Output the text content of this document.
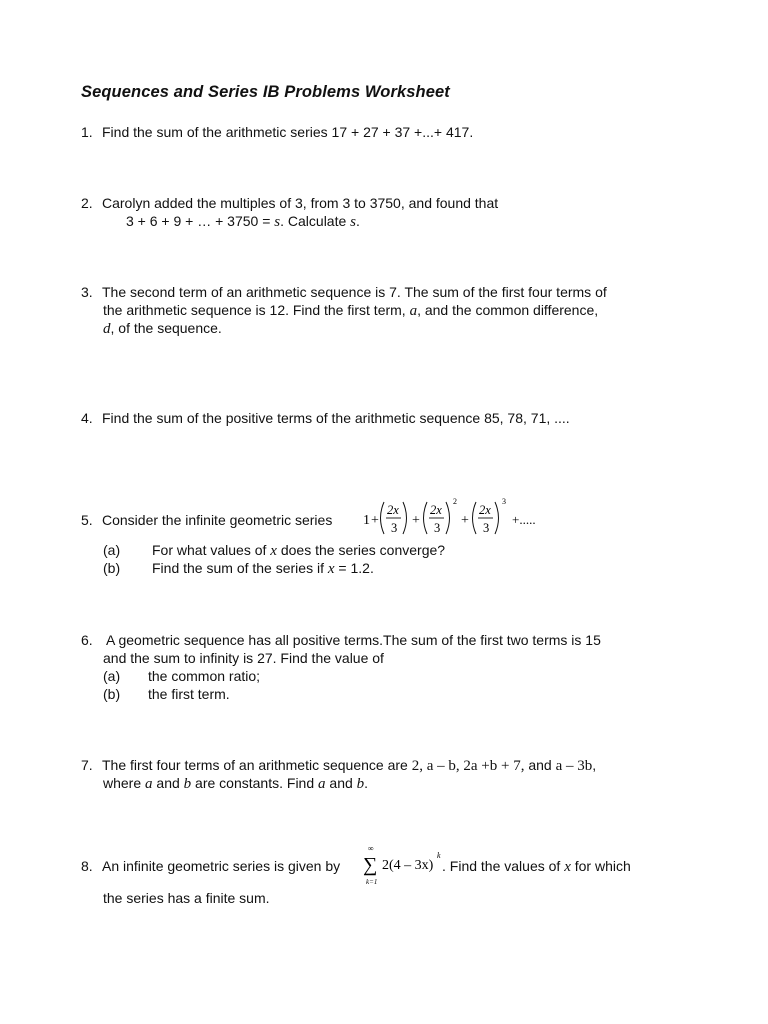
Sequences and Series IB Problems Worksheet
1. Find the sum of the arithmetic series 17 + 27 + 37 +...+ 417.
2. Carolyn added the multiples of 3, from 3 to 3750, and found that
3 + 6 + 9 + … + 3750 = s. Calculate s.
3. The second term of an arithmetic sequence is 7. The sum of the first four terms of
the arithmetic sequence is 12. Find the first term, a, and the common difference,
d, of the sequence.
4. Find the sum of the positive terms of the arithmetic sequence 85, 78, 71, ....
5. Consider the infinite geometric series 1 +
2x
3 +
2x
3
2
+
2x
3
3
+.....
(a) For what values of x does the series converge?
(b) Find the sum of the series if x = 1.2.
6. A geometric sequence has all positive terms.The sum of the first two terms is 15
and the sum to infinity is 27. Find the value of
(a) the common ratio;
(b) the first term.
7. The first four terms of an arithmetic sequence are 2, a – b, 2a +b + 7, and a – 3b,
where a and b are constants. Find a and b.
8. An infinite geometric series is given by
∞
∑
k=1
2(4 – 3x)
k
. Find the values of x for which
the series has a finite sum.
